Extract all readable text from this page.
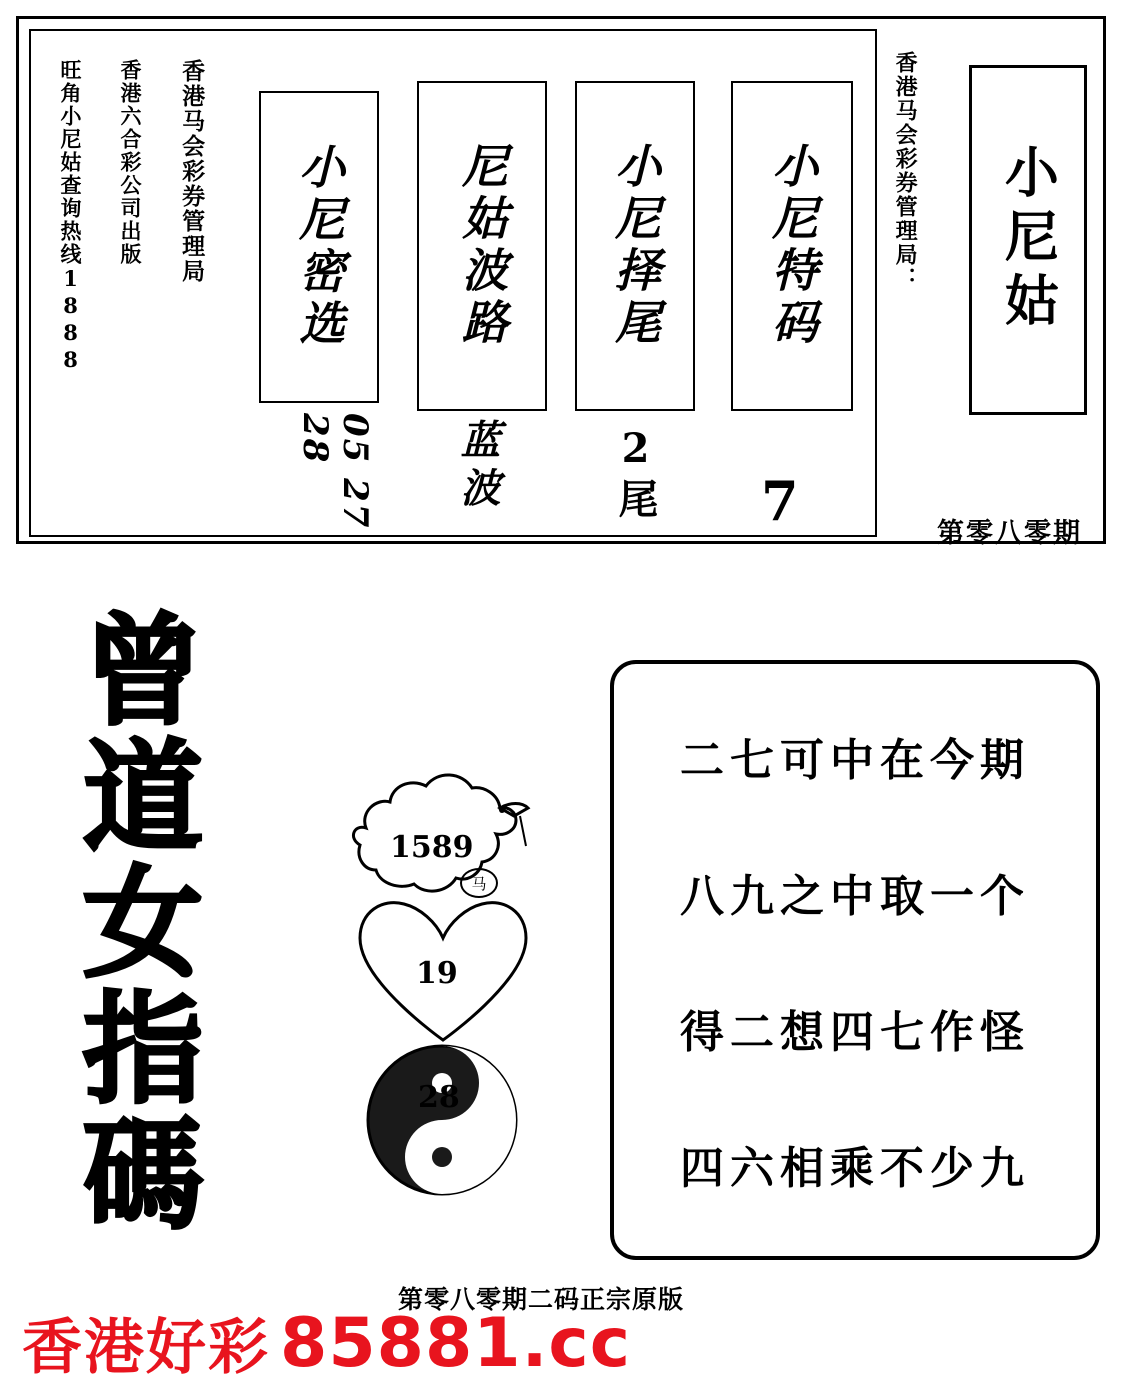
旺角小尼姑查询热线1888 香港六合彩公司出版 香港马会彩券管理局 小尼密选
05 27 28
尼姑波路
蓝波
小尼择尾
2尾
小尼特码
7
香港马会彩券管理局： 小尼姑
第零八零期
曾
道
女
指
碼
1589
马
19
28
二七可中在今期
八九之中取一个
得二想四七作怪
四六相乘不少九
第零八零期二码正宗原版
香港好彩 85881.cc
